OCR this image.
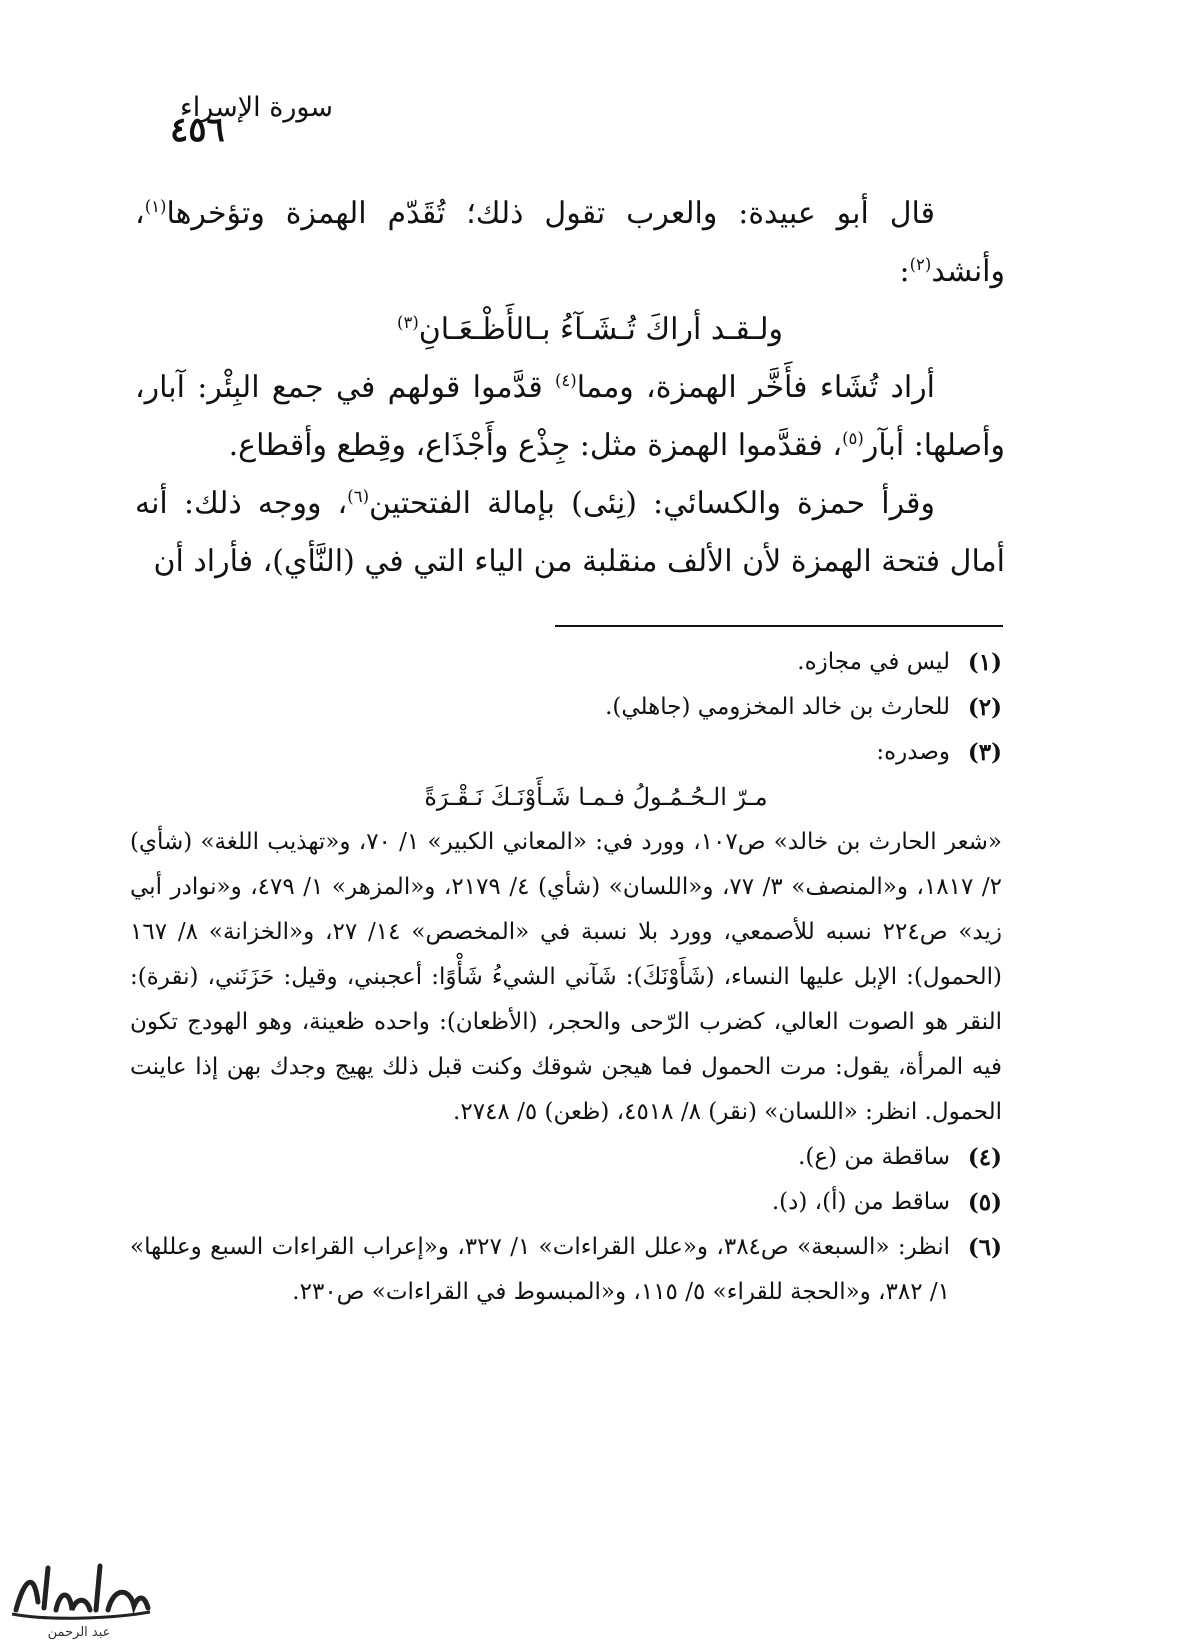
٤٥٦
سورة الإسراء

قال أبو عبيدة: والعرب تقول ذلك؛ تُقَدّم الهمزة وتؤخرها$^{(١)}$، وأنشد$^{(٢)}$:

ولـقـد أراكَ تُـشَـآءُ بـالأَظْـعَـانِ$^{(٣)}$

أراد تُشَاء فأَخَّر الهمزة، ومما$^{(٤)}$ قدَّموا قولهم في جمع البِئْر: آبار، وأصلها: أبآر$^{(٥)}$، فقدَّموا الهمزة مثل: جِذْع وأَجْذَاع، وقِطع وأقطاع.

وقرأ حمزة والكسائي: (نِئى) بإمالة الفتحتين$^{(٦)}$، ووجه ذلك: أنه أمال فتحة الهمزة لأن الألف منقلبة من الياء التي في (النَّأي)، فأراد أن

(١)
ليس في مجازه.
(٢)
للحارث بن خالد المخزومي (جاهلي).
(٣)
وصدره:

مـرّ الـحُـمُـولُ فـمـا شَـأَوْنَـكَ نَـقْـرَةً

«شعر الحارث بن خالد» ص١٠٧، وورد في: «المعاني الكبير» ١/ ٧٠، و«تهذيب اللغة» (شأي) ٢/ ١٨١٧، و«المنصف» ٣/ ٧٧، و«اللسان» (شأي) ٤/ ٢١٧٩، و«المزهر» ١/ ٤٧٩، و«نوادر أبي زيد» ص٢٢٤ نسبه للأصمعي، وورد بلا نسبة في «المخصص» ١٤/ ٢٧، و«الخزانة» ٨/ ١٦٧ (الحمول): الإبل عليها النساء، (شَأَوْنَكَ): شَآني الشيءُ شَأْوًا: أعجبني، وقيل: حَزَنَني، (نقرة): النقر هو الصوت العالي، كضرب الرّحى والحجر، (الأظعان): واحده ظعينة، وهو الهودج تكون فيه المرأة، يقول: مرت الحمول فما هيجن شوقك وكنت قبل ذلك يهيج وجدك بهن إذا عاينت الحمول. انظر: «اللسان» (نقر) ٨/ ٤٥١٨، (ظعن) ٥/ ٢٧٤٨.

(٤)
ساقطة من (ع).
(٥)
ساقط من (أ)، (د).
(٦)
انظر: «السبعة» ص٣٨٤، و«علل القراءات» ١/ ٣٢٧، و«إعراب القراءات السبع وعللها» ١/ ٣٨٢، و«الحجة للقراء» ٥/ ١١٥، و«المبسوط في القراءات» ص٢٣٠.
عبد الرحمن
